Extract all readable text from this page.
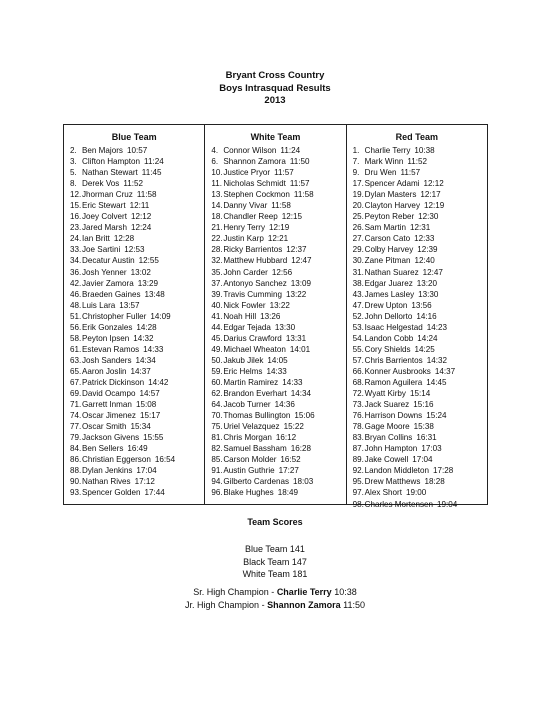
Bryant Cross Country
Boys Intrasquad Results
2013
Blue Team
2. Ben Majors 10:57
3. Clifton Hampton 11:24
5. Nathan Stewart 11:45
8. Derek Vos 11:52
12. Jhorman Cruz 11:58
15. Eric Stewart 12:11
16. Joey Colvert 12:12
23. Jared Marsh 12:24
24. Ian Britt 12:28
33. Joe Sartini 12:53
34. Decatur Austin 12:55
36. Josh Yenner 13:02
42. Javier Zamora 13:29
46. Braeden Gaines 13:48
48. Luis Lara 13:57
51. Christopher Fuller 14:09
56. Erik Gonzales 14:28
58. Peyton Ipsen 14:32
61. Estevan Ramos 14:33
63. Josh Sanders 14:34
65. Aaron Joslin 14:37
67. Patrick Dickinson 14:42
69. David Ocampo 14:57
71. Garrett Inman 15:08
74. Oscar Jimenez 15:17
77. Oscar Smith 15:34
79. Jackson Givens 15:55
84. Ben Sellers 16:49
86. Christian Eggerson 16:54
88. Dylan Jenkins 17:04
90. Nathan Rives 17:12
93. Spencer Golden 17:44
White Team
4. Connor Wilson 11:24
6. Shannon Zamora 11:50
10. Justice Pryor 11:57
11. Nicholas Schmidt 11:57
13. Stephen Cockmon 11:58
14. Danny Vivar 11:58
18. Chandler Reep 12:15
21. Henry Terry 12:19
22. Justin Karp 12:21
28. Ricky Barrientos 12:37
32. Matthew Hubbard 12:47
35. John Carder 12:56
37. Antonyo Sanchez 13:09
39. Travis Cumming 13:22
40. Nick Fowler 13:22
41. Noah Hill 13:26
44. Edgar Tejada 13:30
45. Darius Crawford 13:31
49. Michael Wheaton 14:01
50. Jakub Jilek 14:05
59. Eric Helms 14:33
60. Martin Ramirez 14:33
62. Brandon Everhart 14:34
64. Jacob Turner 14:36
70. Thomas Bullington 15:06
75. Uriel Velazquez 15:22
81. Chris Morgan 16:12
82. Samuel Bassham 16:28
85. Carson Molder 16:52
91. Austin Guthrie 17:27
94. Gilberto Cardenas 18:03
96. Blake Hughes 18:49
Red Team
1. Charlie Terry 10:38
7. Mark Winn 11:52
9. Dru Wen 11:57
17. Spencer Adami 12:12
19. Dylan Masters 12:17
20. Clayton Harvey 12:19
25. Peyton Reber 12:30
26. Sam Martin 12:31
27. Carson Cato 12:33
29. Colby Harvey 12:39
30. Zane Pitman 12:40
31. Nathan Suarez 12:47
38. Edgar Juarez 13:20
43. James Lasley 13:30
47. Drew Upton 13:56
52. John Dellorto 14:16
53. Isaac Helgestad 14:23
54. Landon Cobb 14:24
55. Cory Shields 14:25
57. Chris Barrientos 14:32
66. Konner Ausbrooks 14:37
68. Ramon Aguilera 14:45
72. Wyatt Kirby 15:14
73. Jack Suarez 15:16
76. Harrison Downs 15:24
78. Gage Moore 15:38
83. Bryan Collins 16:31
87. John Hampton 17:03
89. Jake Cowell 17:04
92. Landon Middleton 17:28
95. Drew Matthews 18:28
97. Alex Short 19:00
98. Charles Mortensen 19:04
Team Scores
Blue Team 141
Black Team 147
White Team 181
Sr. High Champion - Charlie Terry 10:38
Jr. High Champion - Shannon Zamora 11:50
